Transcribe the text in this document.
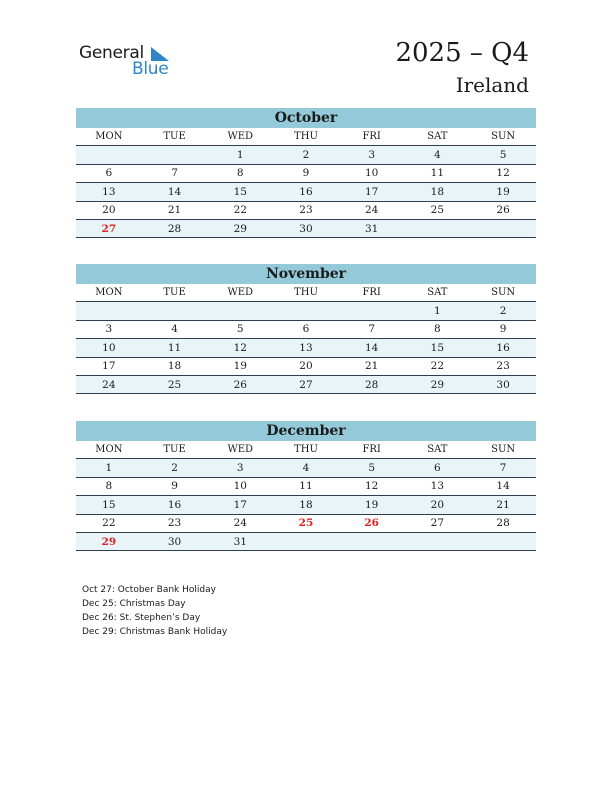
General
Blue
2025 – Q4
Ireland
October
MON	TUE	WED	THU	FRI	SAT	SUN
		1	2	3	4	5
6	7	8	9	10	11	12
13	14	15	16	17	18	19
20	21	22	23	24	25	26
27	28	29	30	31		
November
MON	TUE	WED	THU	FRI	SAT	SUN
					1	2
3	4	5	6	7	8	9
10	11	12	13	14	15	16
17	18	19	20	21	22	23
24	25	26	27	28	29	30
December
MON	TUE	WED	THU	FRI	SAT	SUN
1	2	3	4	5	6	7
8	9	10	11	12	13	14
15	16	17	18	19	20	21
22	23	24	25	26	27	28
29	30	31				
Oct 27: October Bank Holiday
Dec 25: Christmas Day
Dec 26: St. Stephen’s Day
Dec 29: Christmas Bank Holiday
